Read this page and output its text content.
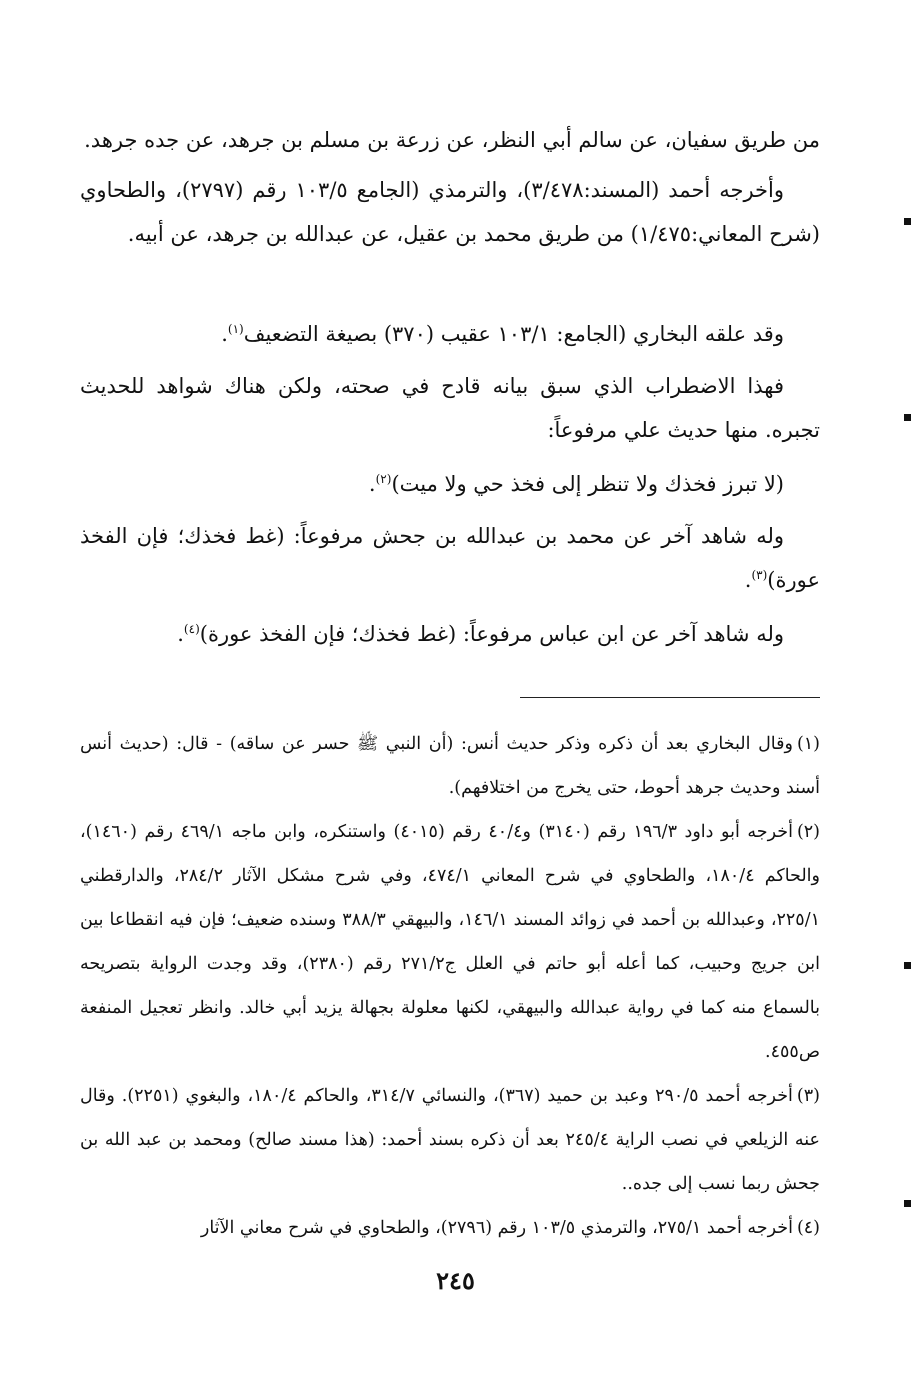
من طريق سفيان، عن سالم أبي النظر، عن زرعة بن مسلم بن جرهد، عن جده جرهد.

وأخرجه أحمد (المسند:٣/٤٧٨)، والترمذي (الجامع ١٠٣/٥ رقم (٢٧٩٧)، والطحاوي (شرح المعاني:١/٤٧٥) من طريق محمد بن عقيل، عن عبدالله بن جرهد، عن أبيه.

وقد علقه البخاري (الجامع: ١٠٣/١ عقيب (٣٧٠) بصيغة التضعيف$^{(١)}$.

فهذا الاضطراب الذي سبق بيانه قادح في صحته، ولكن هناك شواهد للحديث تجبره. منها حديث علي مرفوعاً:

(لا تبرز فخذك ولا تنظر إلى فخذ حي ولا ميت)$^{(٢)}$.

وله شاهد آخر عن محمد بن عبدالله بن جحش مرفوعاً: (غط فخذك؛ فإن الفخذ عورة)$^{(٣)}$.

وله شاهد آخر عن ابن عباس مرفوعاً: (غط فخذك؛ فإن الفخذ عورة)$^{(٤)}$.

(١)وقال البخاري بعد أن ذكره وذكر حديث أنس: (أن النبي ﷺ حسر عن ساقه) - قال: (حديث أنس أسند وحديث جرهد أحوط، حتى يخرج من اختلافهم).

(٢)أخرجه أبو داود ١٩٦/٣ رقم (٣١٤٠) و٤٠/٤ رقم (٤٠١٥) واستنكره، وابن ماجه ٤٦٩/١ رقم (١٤٦٠)، والحاكم ١٨٠/٤، والطحاوي في شرح المعاني ٤٧٤/١، وفي شرح مشكل الآثار ٢٨٤/٢، والدارقطني ٢٢٥/١، وعبدالله بن أحمد في زوائد المسند ١٤٦/١، والبيهقي ٣٨٨/٣ وسنده ضعيف؛ فإن فيه انقطاعا بين ابن جريج وحبيب، كما أعله أبو حاتم في العلل ج٢٧١/٢ رقم (٢٣٨٠)، وقد وجدت الرواية بتصريحه بالسماع منه كما في رواية عبدالله والبيهقي، لكنها معلولة بجهالة يزيد أبي خالد. وانظر تعجيل المنفعة ص٤٥٥.

(٣)أخرجه أحمد ٢٩٠/٥ وعبد بن حميد (٣٦٧)، والنسائي ٣١٤/٧، والحاكم ١٨٠/٤، والبغوي (٢٢٥١). وقال عنه الزيلعي في نصب الراية ٢٤٥/٤ بعد أن ذكره بسند أحمد: (هذا مسند صالح) ومحمد بن عبد الله بن جحش ربما نسب إلى جده..

(٤)أخرجه أحمد ٢٧٥/١، والترمذي ١٠٣/٥ رقم (٢٧٩٦)، والطحاوي في شرح معاني الآثار

٢٤٥
